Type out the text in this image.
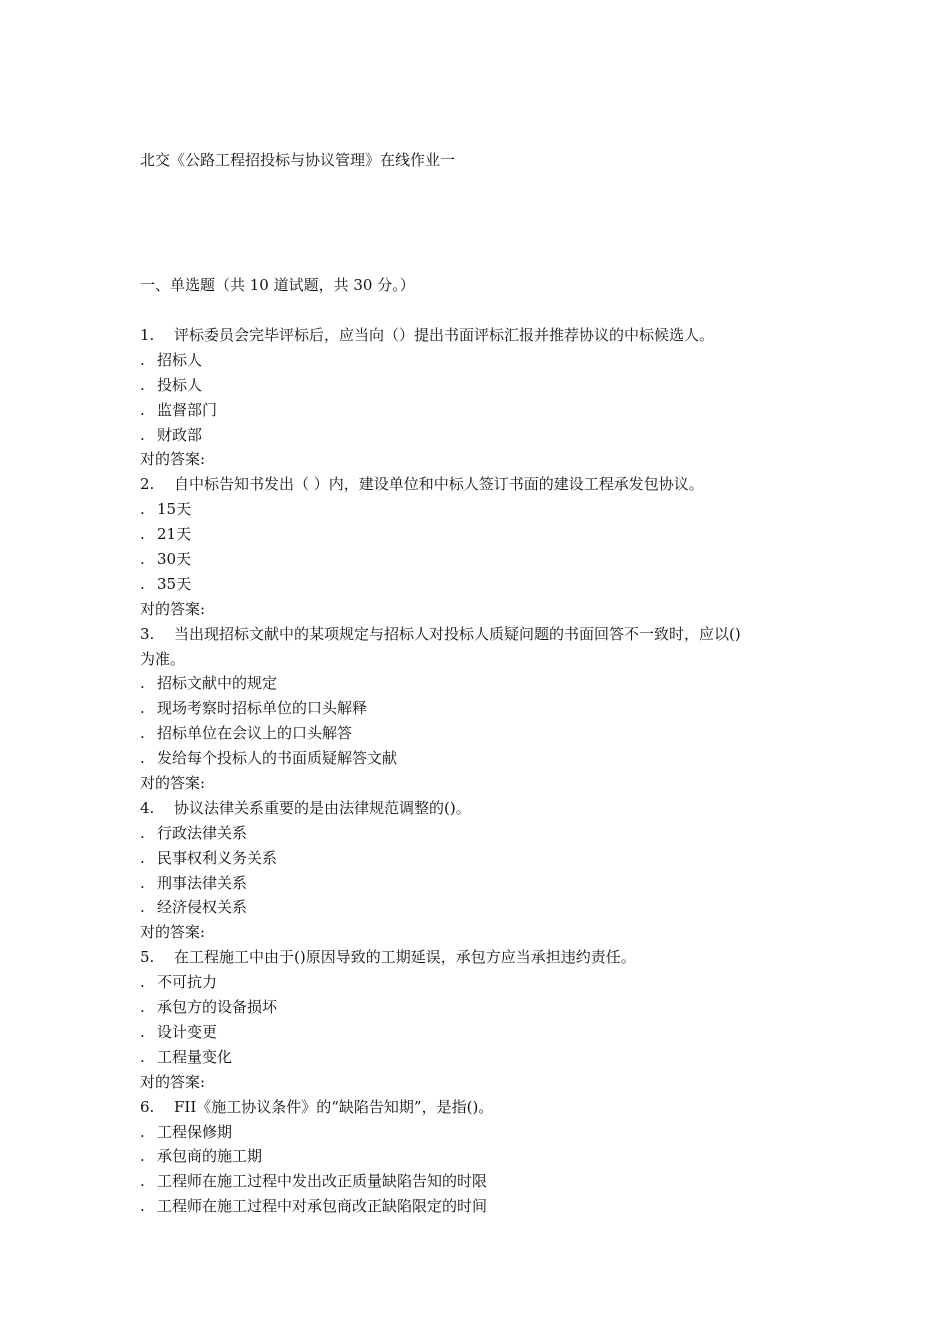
北交《公路工程招投标与协议管理》在线作业一
一、单选题（共 10 道试题，共 30 分。）
1. 评标委员会完毕评标后，应当向（）提出书面评标汇报并推荐协议的中标候选人。
. 招标人
. 投标人
. 监督部门
. 财政部
对的答案:
2. 自中标告知书发出（ ）内，建设单位和中标人签订书面的建设工程承发包协议。
. 15天
. 21天
. 30天
. 35天
对的答案:
3. 当出现招标文献中的某项规定与招标人对投标人质疑问题的书面回答不一致时，应以()
为准。
. 招标文献中的规定
. 现场考察时招标单位的口头解释
. 招标单位在会议上的口头解答
. 发给每个投标人的书面质疑解答文献
对的答案:
4. 协议法律关系重要的是由法律规范调整的()。
. 行政法律关系
. 民事权利义务关系
. 刑事法律关系
. 经济侵权关系
对的答案:
5. 在工程施工中由于()原因导致的工期延误，承包方应当承担违约责任。
. 不可抗力
. 承包方的设备损坏
. 设计变更
. 工程量变化
对的答案:
6. FII《施工协议条件》的“缺陷告知期”，是指()。
. 工程保修期
. 承包商的施工期
. 工程师在施工过程中发出改正质量缺陷告知的时限
. 工程师在施工过程中对承包商改正缺陷限定的时间
